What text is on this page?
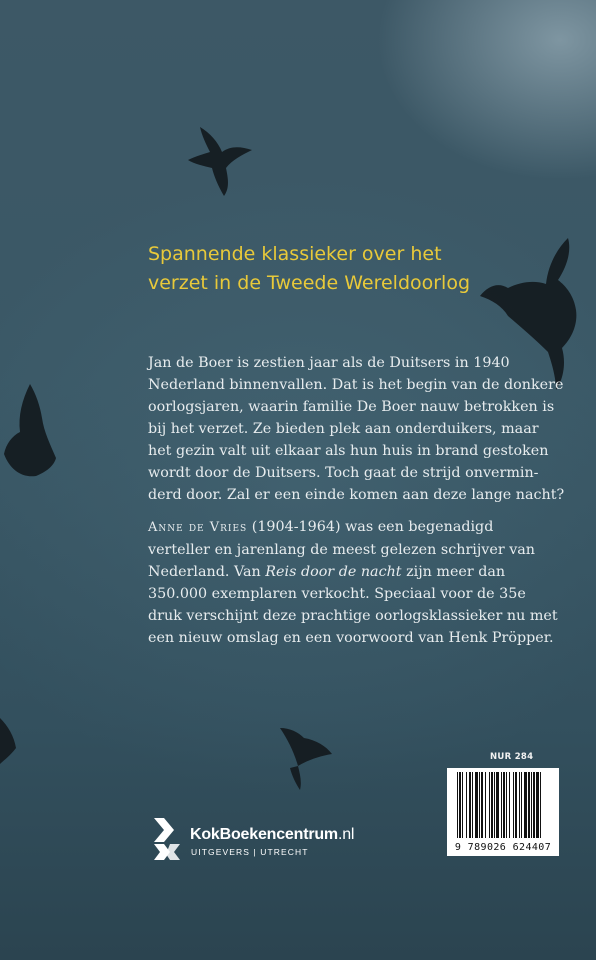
Spannende klassieker over het
verzet in de Tweede Wereldoorlog

Jan de Boer is zestien jaar als de Duitsers in 1940
Nederland binnenvallen. Dat is het begin van de donkere
oorlogsjaren, waarin familie De Boer nauw betrokken is
bij het verzet. Ze bieden plek aan onderduikers, maar
het gezin valt uit elkaar als hun huis in brand gestoken
wordt door de Duitsers. Toch gaat de strijd onvermin-
derd door. Zal er een einde komen aan deze lange nacht?
Anne de Vries (1904-1964) was een begenadigd
verteller en jarenlang de meest gelezen schrijver van
Nederland. Van Reis door de nacht zijn meer dan
350.000 exemplaren verkocht. Speciaal voor de 35e
druk verschijnt deze prachtige oorlogsklassieker nu met
een nieuw omslag en een voorwoord van Henk Pröpper.
NUR 284
9 789026 624407
KokBoekencentrum.nl
UITGEVERS | UTRECHT
